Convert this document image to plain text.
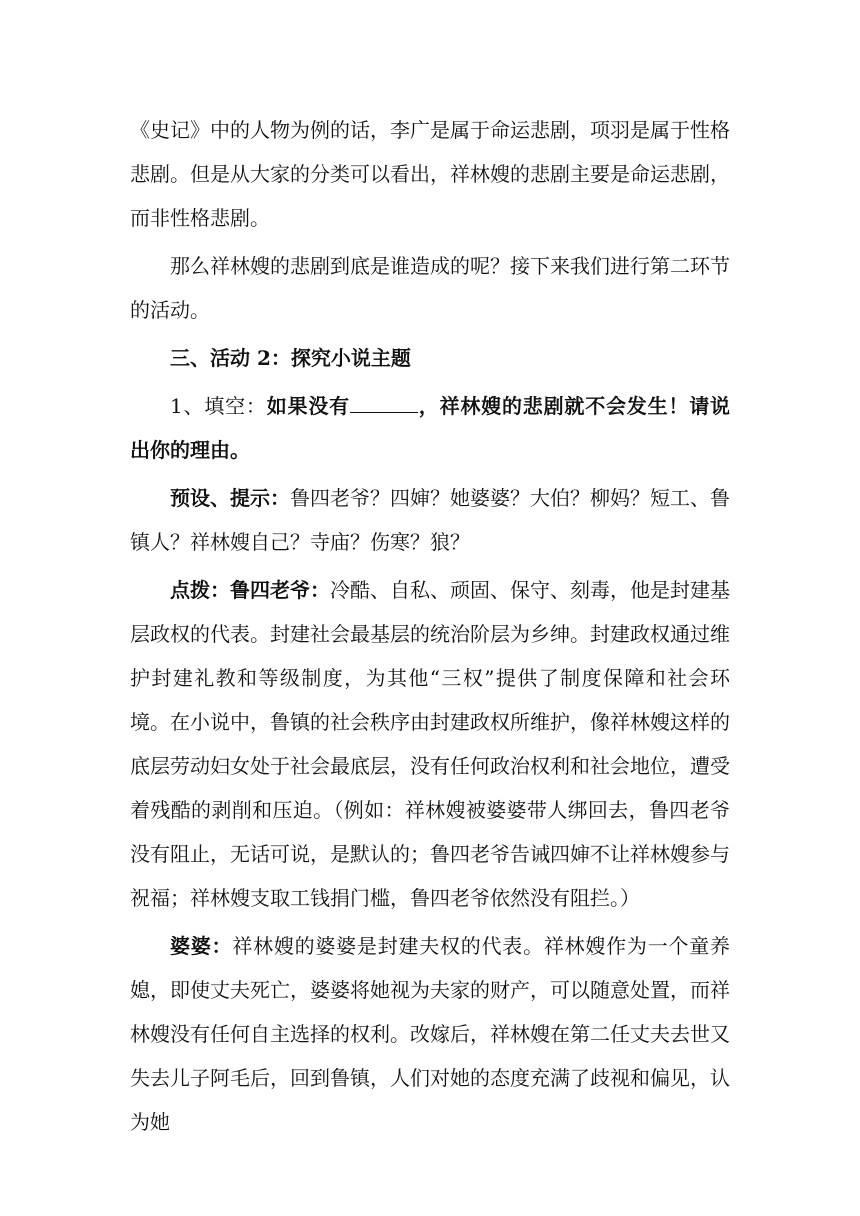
《史记》中的人物为例的话，李广是属于命运悲剧，项羽是属于性格悲剧。但是从大家的分类可以看出，祥林嫂的悲剧主要是命运悲剧，而非性格悲剧。

那么祥林嫂的悲剧到底是谁造成的呢？接下来我们进行第二环节的活动。

三、活动 2：探究小说主题

1、填空：如果没有	，祥林嫂的悲剧就不会发生！请说出你的理由。

预设、提示：鲁四老爷？四婶？她婆婆？大伯？柳妈？短工、鲁镇人？祥林嫂自己？寺庙？伤寒？狼？

点拨：鲁四老爷：冷酷、自私、顽固、保守、刻毒，他是封建基层政权的代表。封建社会最基层的统治阶层为乡绅。封建政权通过维护封建礼教和等级制度，为其他“三权”提供了制度保障和社会环境。在小说中，鲁镇的社会秩序由封建政权所维护，像祥林嫂这样的底层劳动妇女处于社会最底层，没有任何政治权利和社会地位，遭受着残酷的剥削和压迫。（例如：祥林嫂被婆婆带人绑回去，鲁四老爷没有阻止，无话可说，是默认的；鲁四老爷告诫四婶不让祥林嫂参与祝福；祥林嫂支取工钱捐门槛，鲁四老爷依然没有阻拦。）

婆婆：祥林嫂的婆婆是封建夫权的代表。祥林嫂作为一个童养媳，即使丈夫死亡，婆婆将她视为夫家的财产，可以随意处置，而祥林嫂没有任何自主选择的权利。改嫁后，祥林嫂在第二任丈夫去世又失去儿子阿毛后，回到鲁镇，人们对她的态度充满了歧视和偏见，认为她
